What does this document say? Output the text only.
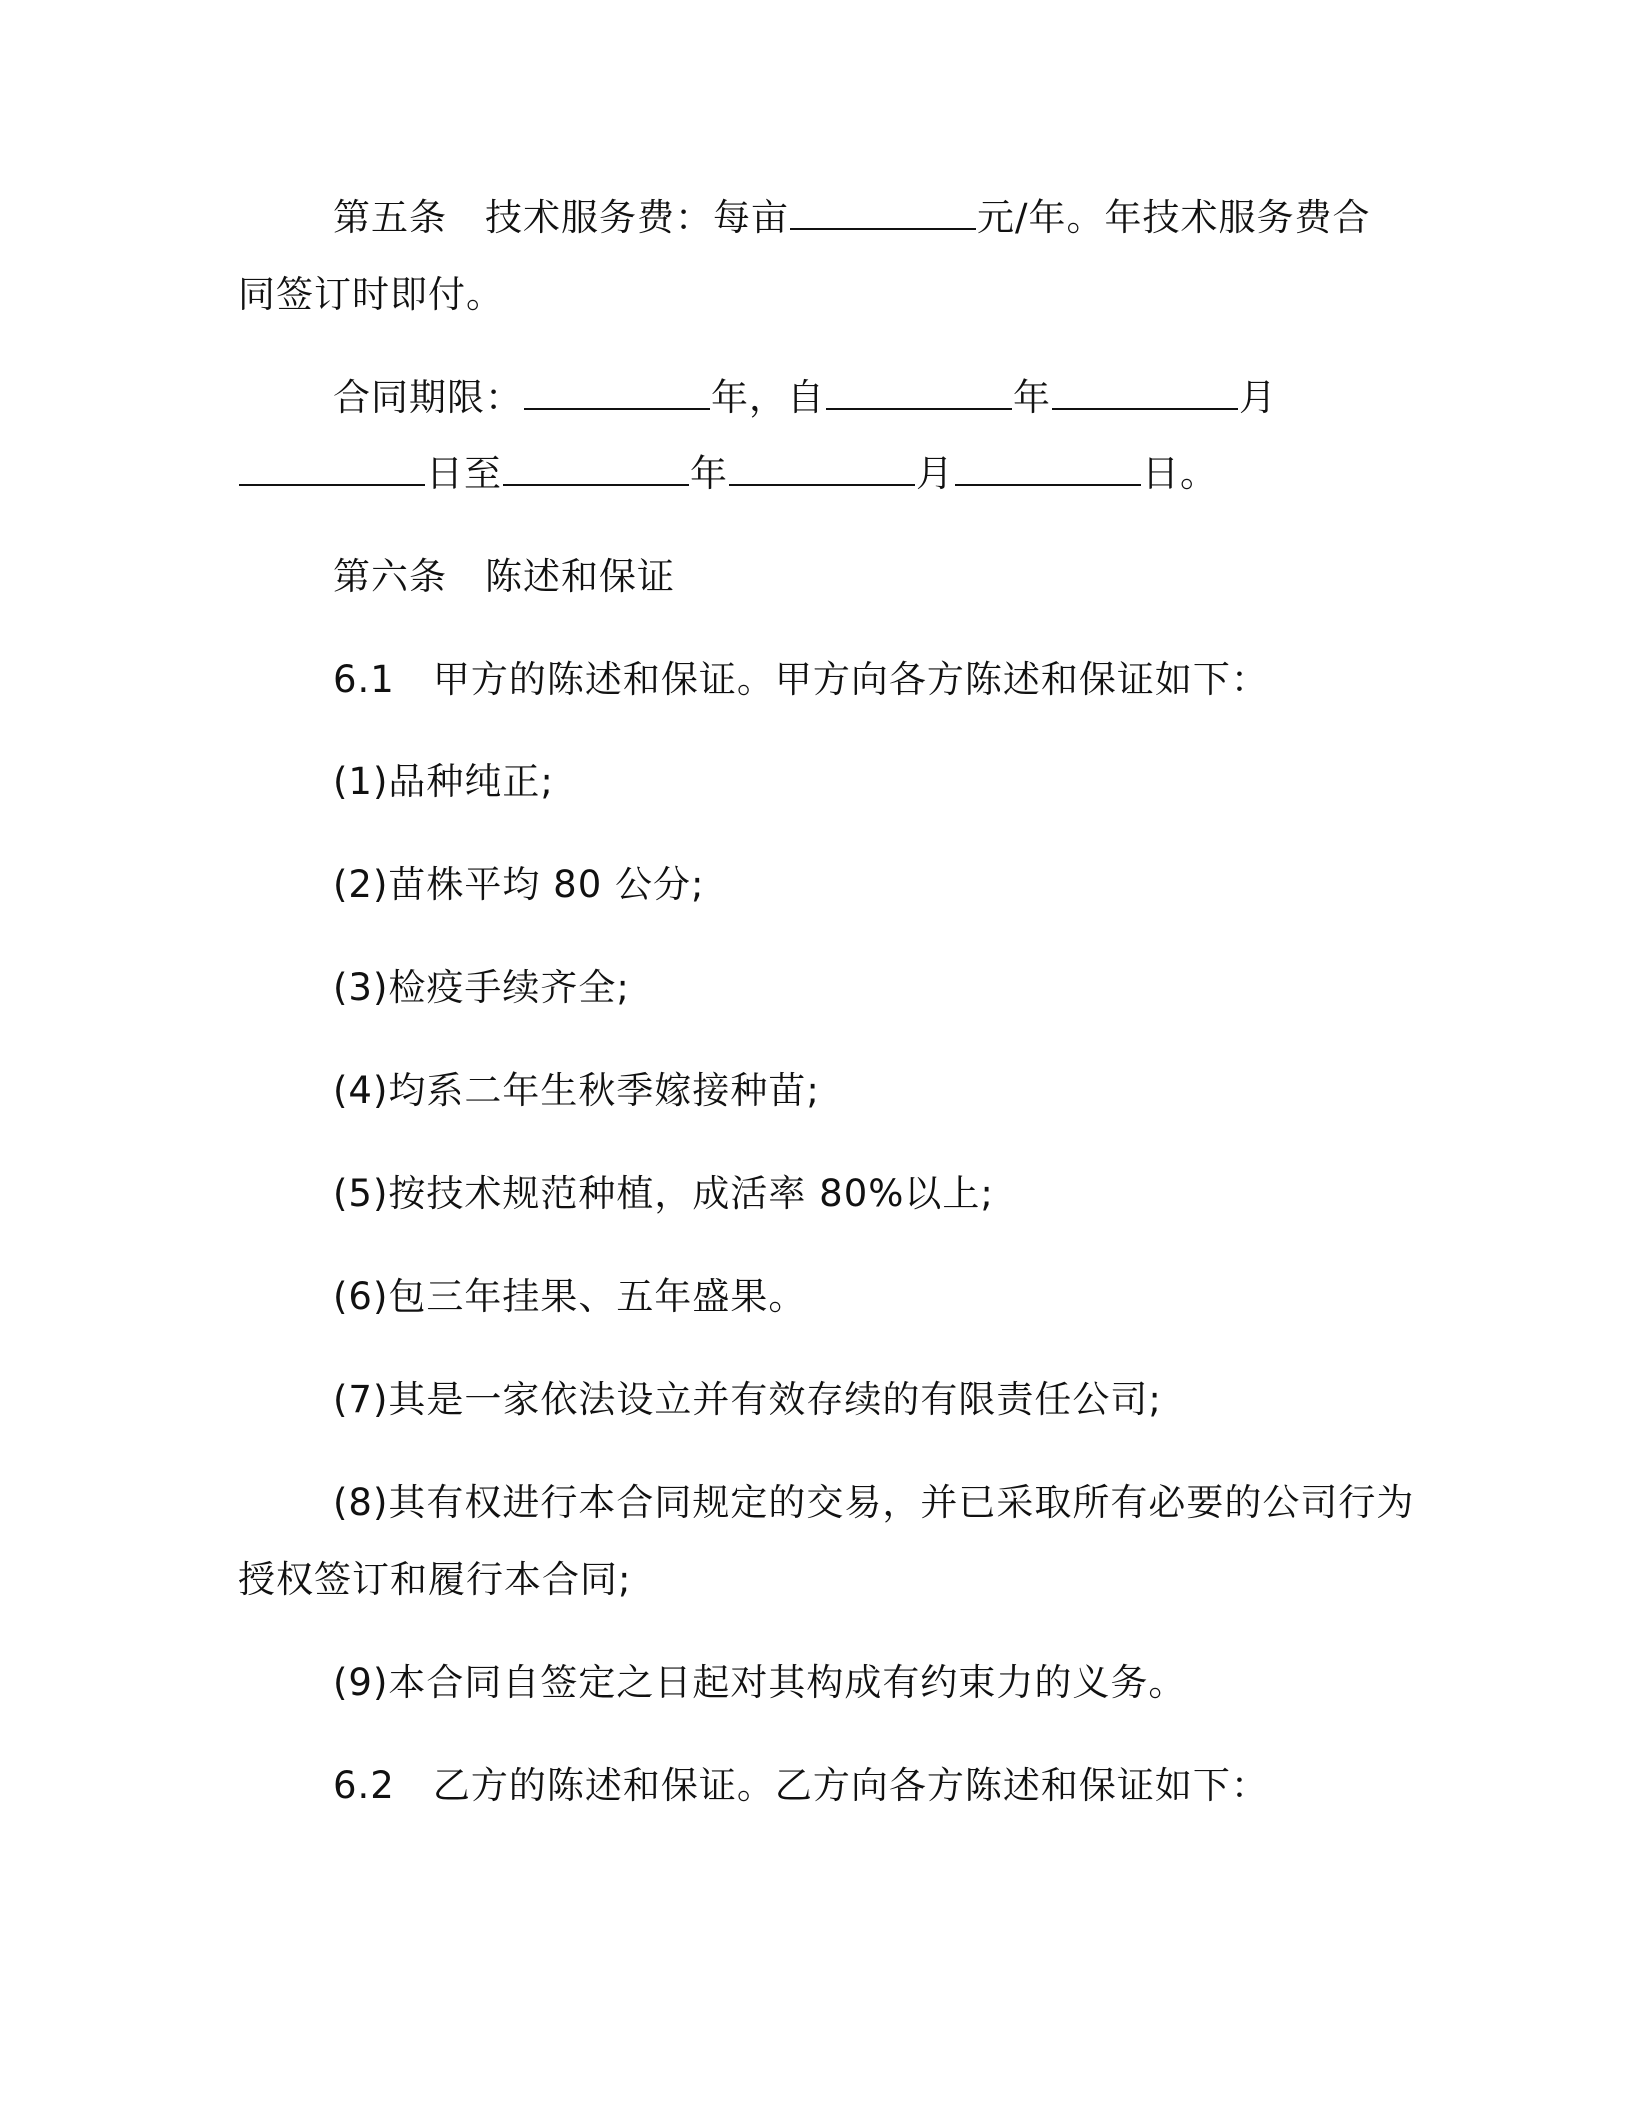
第五条 技术服务费：每亩	元/年。年技术服务费合
同签订时即付。
合同期限：	年，自	年	月
日至	年	月	日。
第六条 陈述和保证
6.1 甲方的陈述和保证。甲方向各方陈述和保证如下：
(1)品种纯正;
(2)苗株平均 80 公分;
(3)检疫手续齐全;
(4)均系二年生秋季嫁接种苗;
(5)按技术规范种植，成活率 80%以上;
(6)包三年挂果、五年盛果。
(7)其是一家依法设立并有效存续的有限责任公司;
(8)其有权进行本合同规定的交易，并已采取所有必要的公司行为
授权签订和履行本合同;
(9)本合同自签定之日起对其构成有约束力的义务。
6.2 乙方的陈述和保证。乙方向各方陈述和保证如下：
